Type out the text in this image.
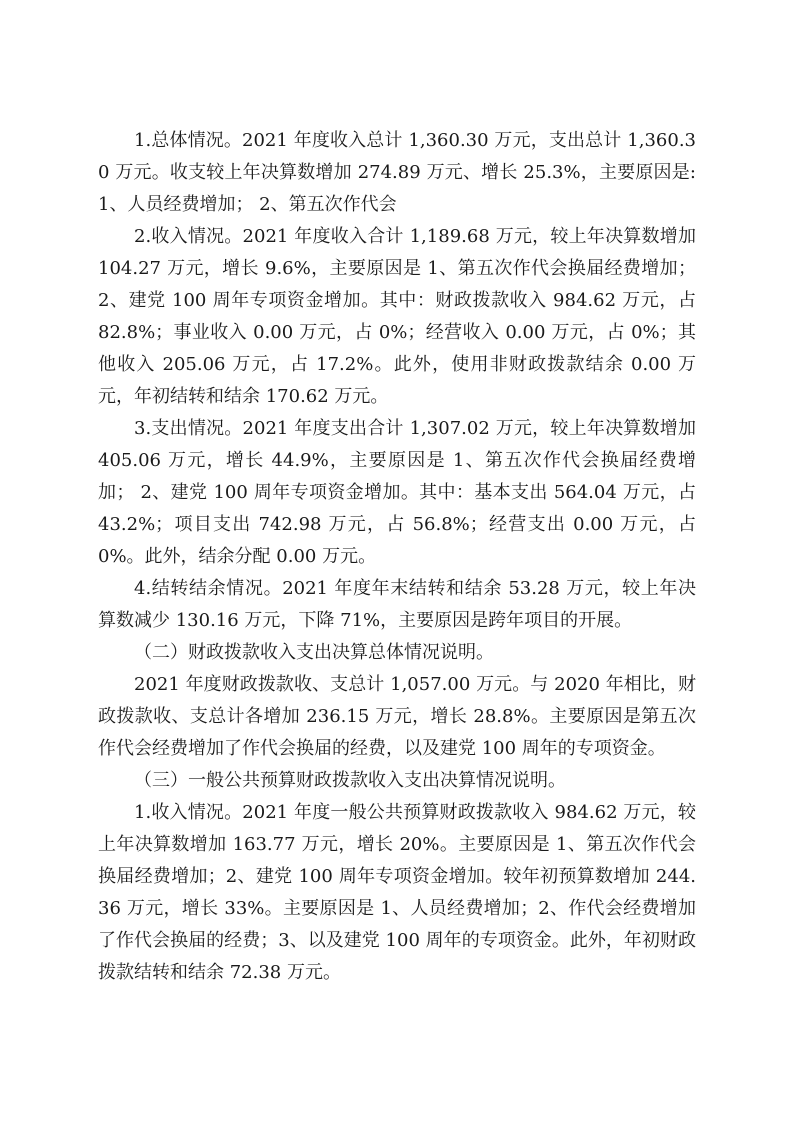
1.总体情况。2021 年度收入总计 1,360.30 万元，支出总计 1,360.30 万元。收支较上年决算数增加 274.89 万元、增长 25.3%，主要原因是:1、人员经费增加； 2、第五次作代会

2.收入情况。2021 年度收入合计 1,189.68 万元，较上年决算数增加 104.27 万元，增长 9.6%，主要原因是 1、第五次作代会换届经费增加； 2、建党 100 周年专项资金增加。其中：财政拨款收入 984.62 万元，占 82.8%；事业收入 0.00 万元，占 0%；经营收入 0.00 万元，占 0%；其他收入 205.06 万元，占 17.2%。此外，使用非财政拨款结余 0.00 万元，年初结转和结余 170.62 万元。

3.支出情况。2021 年度支出合计 1,307.02 万元，较上年决算数增加 405.06 万元，增长 44.9%，主要原因是 1、第五次作代会换届经费增加； 2、建党 100 周年专项资金增加。其中：基本支出 564.04 万元，占 43.2%；项目支出 742.98 万元，占 56.8%；经营支出 0.00 万元，占 0%。此外，结余分配 0.00 万元。

4.结转结余情况。2021 年度年末结转和结余 53.28 万元，较上年决算数减少 130.16 万元，下降 71%，主要原因是跨年项目的开展。

（二）财政拨款收入支出决算总体情况说明。

2021 年度财政拨款收、支总计 1,057.00 万元。与 2020 年相比，财政拨款收、支总计各增加 236.15 万元，增长 28.8%。主要原因是第五次作代会经费增加了作代会换届的经费，以及建党 100 周年的专项资金。

（三）一般公共预算财政拨款收入支出决算情况说明。

1.收入情况。2021 年度一般公共预算财政拨款收入 984.62 万元，较上年决算数增加 163.77 万元，增长 20%。主要原因是 1、第五次作代会换届经费增加；2、建党 100 周年专项资金增加。较年初预算数增加 244.36 万元，增长 33%。主要原因是 1、人员经费增加；2、作代会经费增加了作代会换届的经费；3、以及建党 100 周年的专项资金。此外，年初财政拨款结转和结余 72.38 万元。
